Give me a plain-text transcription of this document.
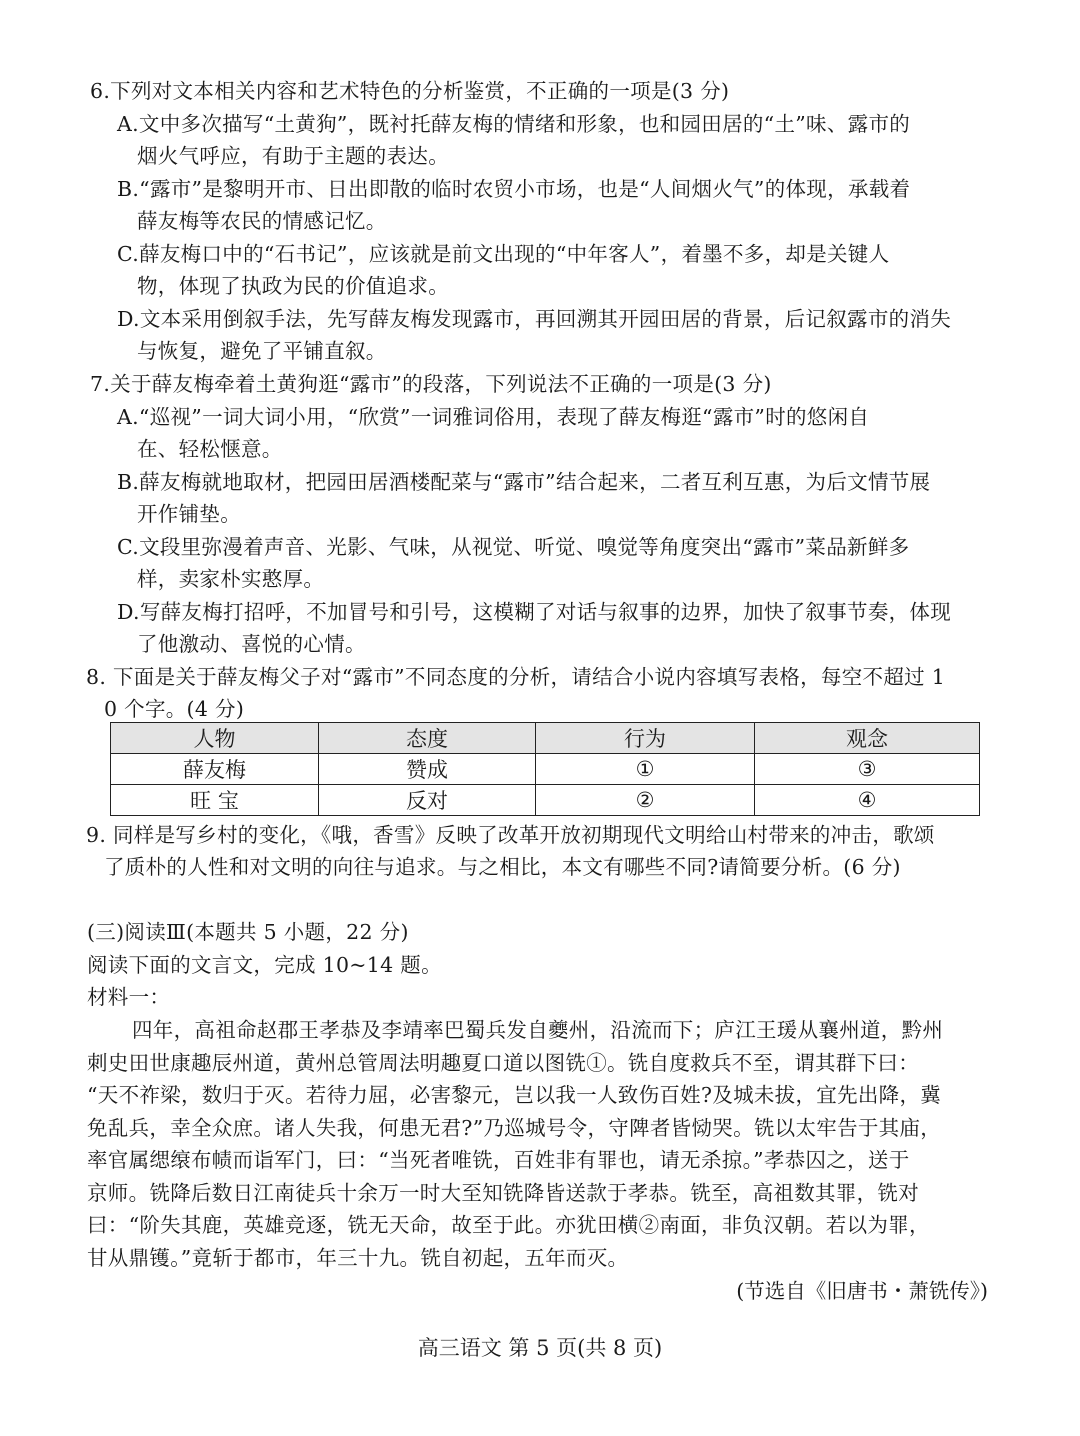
6.下列对文本相关内容和艺术特色的分析鉴赏，不正确的一项是(3 分)
A.文中多次描写“土黄狗”，既衬托薛友梅的情绪和形象，也和园田居的“土”味、露市的
烟火气呼应，有助于主题的表达。
B.“露市”是黎明开市、日出即散的临时农贸小市场，也是“人间烟火气”的体现，承载着
薛友梅等农民的情感记忆。
C.薛友梅口中的“石书记”，应该就是前文出现的“中年客人”，着墨不多，却是关键人
物，体现了执政为民的价值追求。
D.文本采用倒叙手法，先写薛友梅发现露市，再回溯其开园田居的背景，后记叙露市的消失
与恢复，避免了平铺直叙。
7.关于薛友梅牵着土黄狗逛“露市”的段落，下列说法不正确的一项是(3 分)
A.“巡视”一词大词小用，“欣赏”一词雅词俗用，表现了薛友梅逛“露市”时的悠闲自
在、轻松惬意。
B.薛友梅就地取材，把园田居酒楼配菜与“露市”结合起来，二者互利互惠，为后文情节展
开作铺垫。
C.文段里弥漫着声音、光影、气味，从视觉、听觉、嗅觉等角度突出“露市”菜品新鲜多
样，卖家朴实憨厚。
D.写薛友梅打招呼，不加冒号和引号，这模糊了对话与叙事的边界，加快了叙事节奏，体现
了他激动、喜悦的心情。
8. 下面是关于薛友梅父子对“露市”不同态度的分析，请结合小说内容填写表格，每空不超过 1
0 个字。(4 分)
人物	态度	行为	观念
薛友梅	赞成	①	③
旺 宝	反对	②	④
9. 同样是写乡村的变化，《哦，香雪》反映了改革开放初期现代文明给山村带来的冲击，歌颂
了质朴的人性和对文明的向往与追求。与之相比，本文有哪些不同?请简要分析。(6 分)
(三)阅读Ⅲ(本题共 5 小题，22 分)
阅读下面的文言文，完成 10~14 题。
材料一：
四年，高祖命赵郡王孝恭及李靖率巴蜀兵发自夔州，沿流而下；庐江王瑗从襄州道，黔州
刺史田世康趣辰州道，黄州总管周法明趣夏口道以图铣①。铣自度救兵不至，谓其群下曰：
“天不祚梁，数归于灭。若待力屈，必害黎元，岂以我一人致伤百姓?及城未拔，宜先出降，冀
免乱兵，幸全众庶。诸人失我，何患无君?”乃巡城号令，守陴者皆恸哭。铣以太牢告于其庙，
率官属缌缞布帻而诣军门，曰：“当死者唯铣，百姓非有罪也，请无杀掠。”孝恭囚之，送于
京师。铣降后数日江南徒兵十余万一时大至知铣降皆送款于孝恭。铣至，高祖数其罪，铣对
曰：“阶失其鹿，英雄竞逐，铣无天命，故至于此。亦犹田横②南面，非负汉朝。若以为罪，
甘从鼎镬。”竟斩于都市，年三十九。铣自初起，五年而灭。
(节选自《旧唐书・萧铣传》)
高三语文 第 5 页(共 8 页)
